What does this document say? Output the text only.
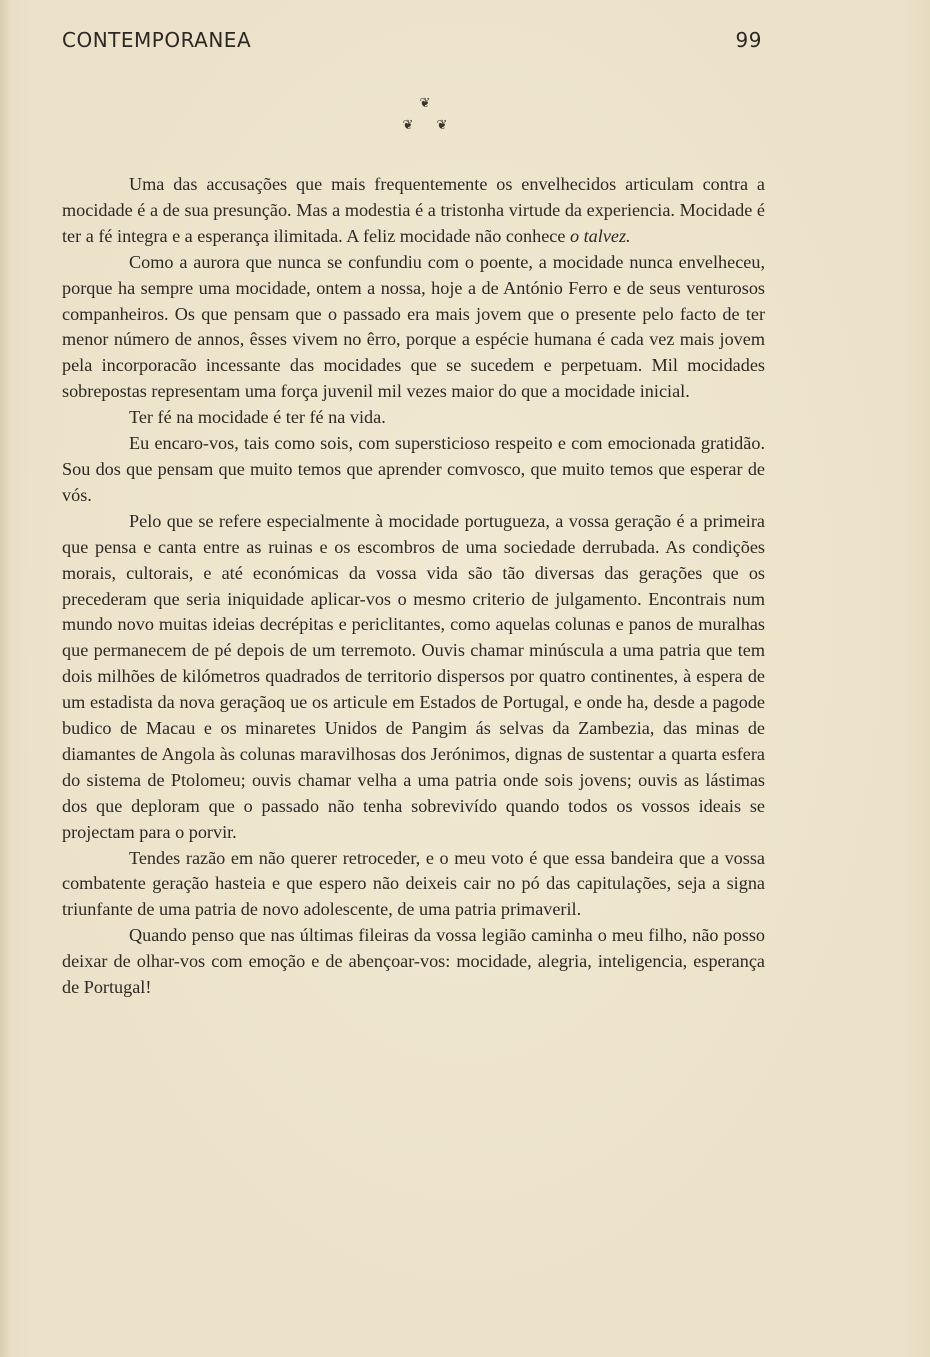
CONTEMPORANEA	99
❦
❦ ❦

Uma das accusações que mais frequentemente os envelhecidos articulam contra a mocidade é a de sua presunção. Mas a modestia é a tristonha virtude da experiencia. Mocidade é ter a fé integra e a esperança ilimitada. A feliz mocidade não conhece o talvez.

Como a aurora que nunca se confundiu com o poente, a mocidade nunca envelheceu, porque ha sempre uma mocidade, ontem a nossa, hoje a de António Ferro e de seus venturosos companheiros. Os que pensam que o passado era mais jovem que o presente pelo facto de ter menor número de annos, êsses vivem no êrro, porque a espécie humana é cada vez mais jovem pela incorporacão incessante das mocidades que se sucedem e perpetuam. Mil mocidades sobrepostas representam uma força juvenil mil vezes maior do que a mocidade inicial.

Ter fé na mocidade é ter fé na vida.

Eu encaro-vos, tais como sois, com supersticioso respeito e com emocionada gratidão. Sou dos que pensam que muito temos que aprender comvosco, que muito temos que esperar de vós.

Pelo que se refere especialmente à mocidade portugueza, a vossa geração é a primeira que pensa e canta entre as ruinas e os escombros de uma sociedade derrubada. As condições morais, cultorais, e até económicas da vossa vida são tão diversas das gerações que os precederam que seria iniquidade aplicar-vos o mesmo criterio de julgamento. Encontrais num mundo novo muitas ideias decrépitas e periclitantes, como aquelas colunas e panos de muralhas que permanecem de pé depois de um terremoto. Ouvis chamar minúscula a uma patria que tem dois milhões de kilómetros quadrados de territorio dispersos por quatro continentes, à espera de um estadista da nova geraçãoq ue os articule em Estados de Portugal, e onde ha, desde a pagode budico de Macau e os minaretes Unidos de Pangim ás selvas da Zambezia, das minas de diamantes de Angola às colunas maravilhosas dos Jerónimos, dignas de sustentar a quarta esfera do sistema de Ptolomeu; ouvis chamar velha a uma patria onde sois jovens; ouvis as lástimas dos que deploram que o passado não tenha sobrevivído quando todos os vossos ideais se projectam para o porvir.

Tendes razão em não querer retroceder, e o meu voto é que essa bandeira que a vossa combatente geração hasteia e que espero não deixeis cair no pó das capitulações, seja a signa triunfante de uma patria de novo adolescente, de uma patria primaveril.

Quando penso que nas últimas fileiras da vossa legião caminha o meu filho, não posso deixar de olhar-vos com emoção e de abençoar-vos: mocidade, alegria, inteligencia, esperança de Portugal!
